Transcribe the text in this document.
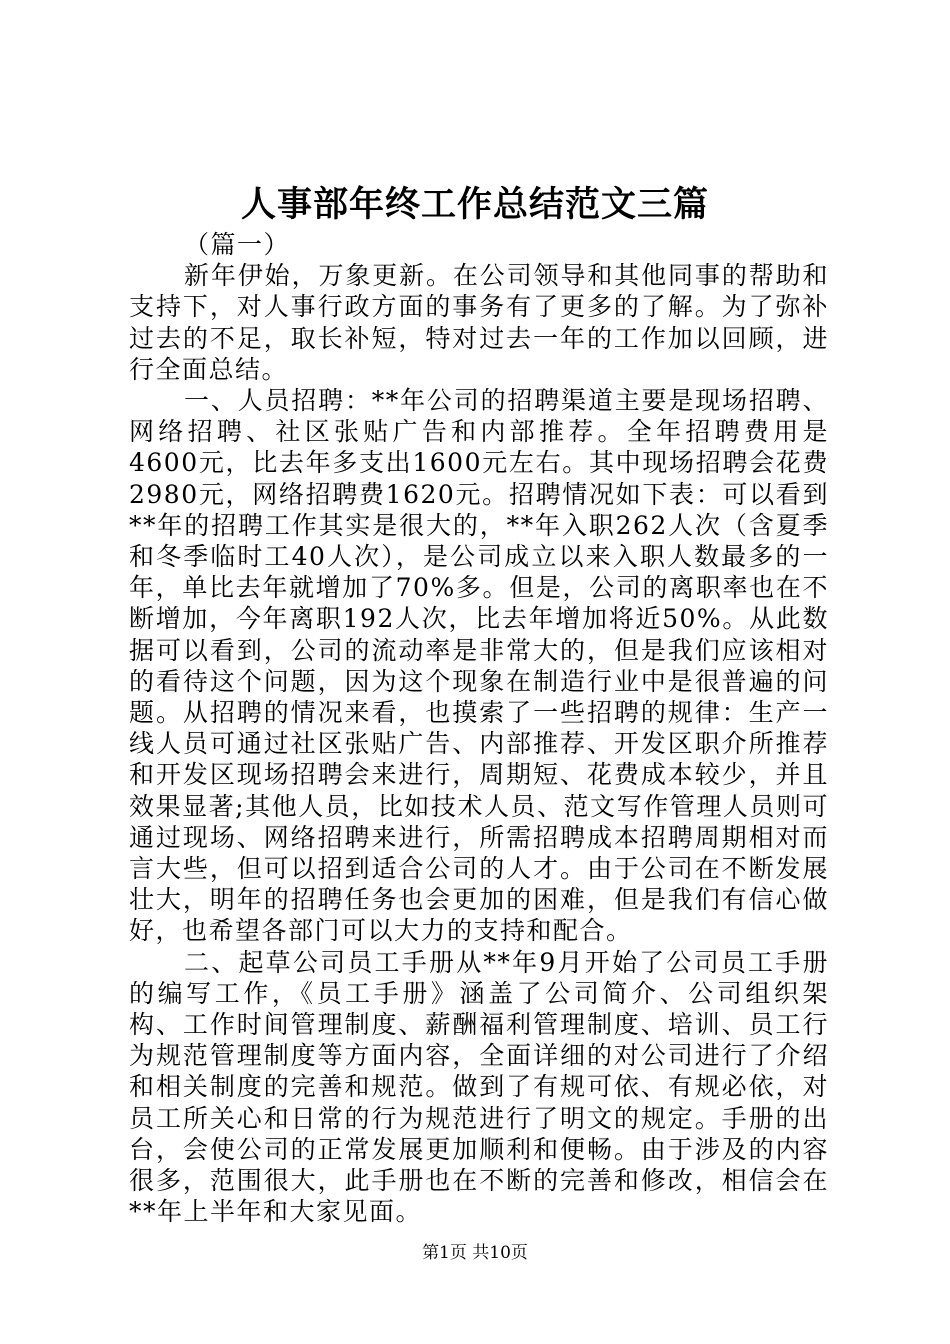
人事部年终工作总结范文三篇

（篇一）

新年伊始，万象更新。在公司领导和其他同事的帮助和支持下，对人事行政方面的事务有了更多的了解。为了弥补过去的不足，取长补短，特对过去一年的工作加以回顾，进行全面总结。

一、人员招聘：**年公司的招聘渠道主要是现场招聘、网络招聘、社区张贴广告和内部推荐。全年招聘费用是4600元，比去年多支出1600元左右。其中现场招聘会花费2980元，网络招聘费1620元。招聘情况如下表：可以看到**年的招聘工作其实是很大的，**年入职262人次（含夏季和冬季临时工40人次），是公司成立以来入职人数最多的一年，单比去年就增加了70%多。但是，公司的离职率也在不断增加，今年离职192人次，比去年增加将近50%。从此数据可以看到，公司的流动率是非常大的，但是我们应该相对的看待这个问题，因为这个现象在制造行业中是很普遍的问题。从招聘的情况来看，也摸索了一些招聘的规律：生产一线人员可通过社区张贴广告、内部推荐、开发区职介所推荐和开发区现场招聘会来进行，周期短、花费成本较少，并且效果显著;其他人员，比如技术人员、范文写作管理人员则可通过现场、网络招聘来进行，所需招聘成本招聘周期相对而言大些，但可以招到适合公司的人才。由于公司在不断发展壮大，明年的招聘任务也会更加的困难，但是我们有信心做好，也希望各部门可以大力的支持和配合。

二、起草公司员工手册从**年9月开始了公司员工手册的编写工作，《员工手册》涵盖了公司简介、公司组织架构、工作时间管理制度、薪酬福利管理制度、培训、员工行为规范管理制度等方面内容，全面详细的对公司进行了介绍和相关制度的完善和规范。做到了有规可依、有规必依，对员工所关心和日常的行为规范进行了明文的规定。手册的出台，会使公司的正常发展更加顺利和便畅。由于涉及的内容很多，范围很大，此手册也在不断的完善和修改，相信会在**年上半年和大家见面。

第1页 共10页
